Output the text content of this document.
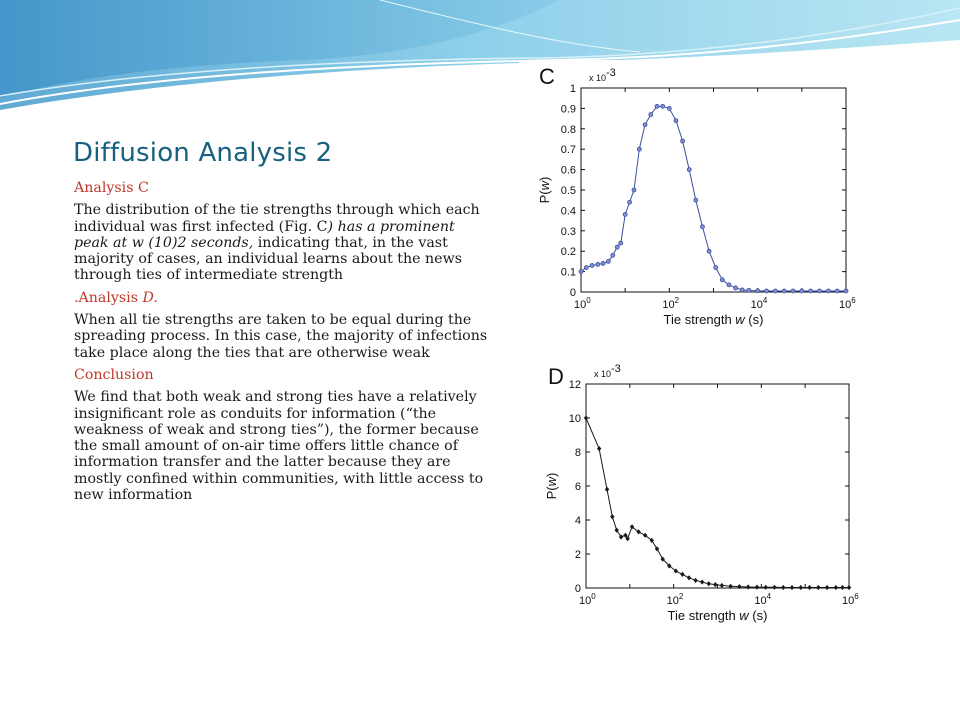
Diffusion Analysis 2

Analysis C

The distribution of the tie strengths through which each individual was first infected (Fig. C) has a prominent peak at w (10)2 seconds, indicating that, in the vast majority of cases, an individual learns about the news through ties of intermediate strength

.Analysis D.

When all tie strengths are taken to be equal during the spreading process. In this case, the majority of infections take place along the ties that are otherwise weak

Conclusion

We find that both weak and strong ties have a relatively insignificant role as conduits for information (“the weakness of weak and strong ties”), the former because the small amount of on-air time offers little chance of information transfer and the latter because they are mostly confined within communities, with little access to new information

C	x 10-3
0
0.1
0.2
0.3
0.4
0.5
0.6
0.7
0.8
0.9
1
$10^0$	$10^2$	$10^4$	$10^6$
Tie strength w (s)
P(w)
D	x 10-3
0
2
4
6
8
10
12
$10^0$	$10^2$	$10^4$	$10^6$
Tie strength w (s)
P(w)
